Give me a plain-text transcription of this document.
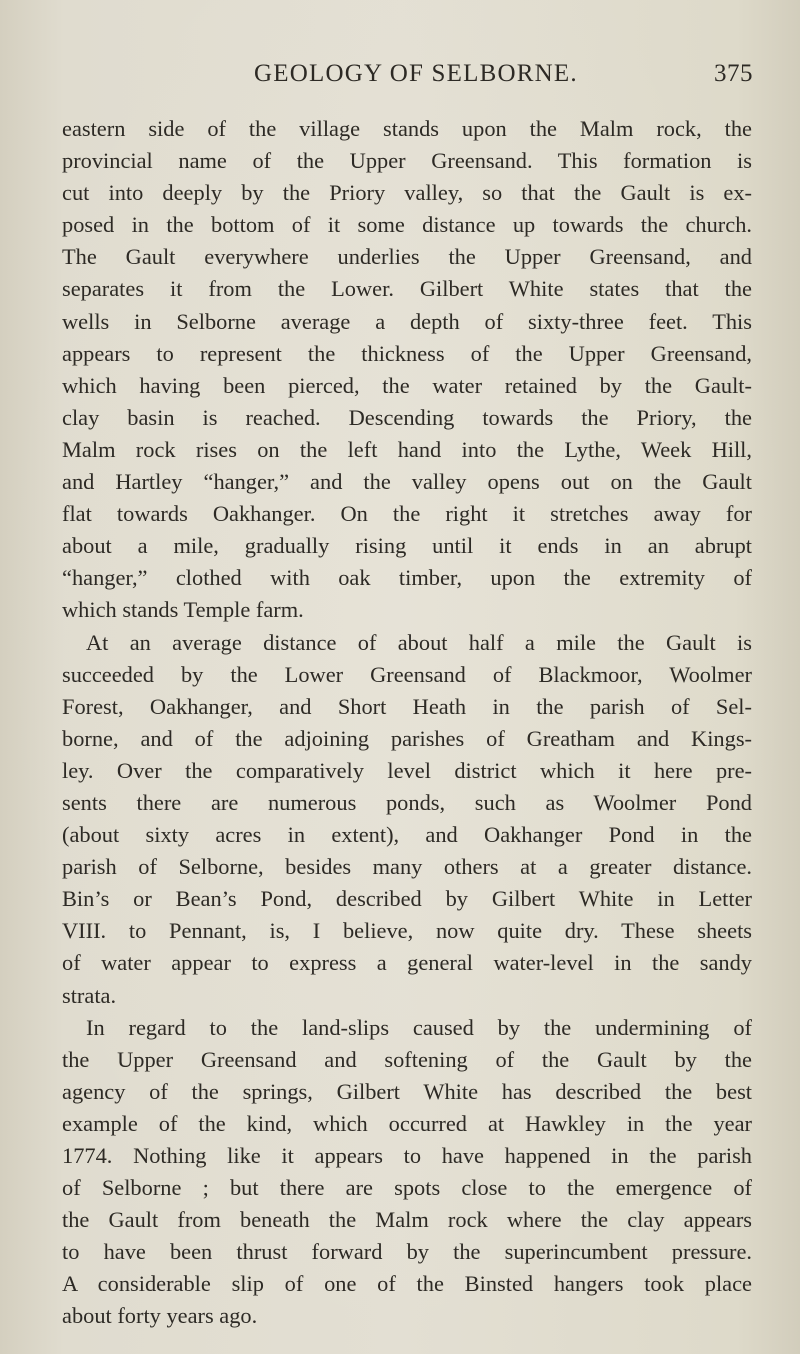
GEOLOGY OF SELBORNE.	375
eastern side of the village stands upon the Malm rock, the
provincial name of the Upper Greensand. This formation is
cut into deeply by the Priory valley, so that the Gault is ex-
posed in the bottom of it some distance up towards the church.
The Gault everywhere underlies the Upper Greensand, and
separates it from the Lower. Gilbert White states that the
wells in Selborne average a depth of sixty-three feet. This
appears to represent the thickness of the Upper Greensand,
which having been pierced, the water retained by the Gault-
clay basin is reached. Descending towards the Priory, the
Malm rock rises on the left hand into the Lythe, Week Hill,
and Hartley “hanger,” and the valley opens out on the Gault
flat towards Oakhanger. On the right it stretches away for
about a mile, gradually rising until it ends in an abrupt
“hanger,” clothed with oak timber, upon the extremity of
which stands Temple farm.
At an average distance of about half a mile the Gault is
succeeded by the Lower Greensand of Blackmoor, Woolmer
Forest, Oakhanger, and Short Heath in the parish of Sel-
borne, and of the adjoining parishes of Greatham and Kings-
ley. Over the comparatively level district which it here pre-
sents there are numerous ponds, such as Woolmer Pond
(about sixty acres in extent), and Oakhanger Pond in the
parish of Selborne, besides many others at a greater distance.
Bin’s or Bean’s Pond, described by Gilbert White in Letter
VIII. to Pennant, is, I believe, now quite dry. These sheets
of water appear to express a general water-level in the sandy
strata.
In regard to the land-slips caused by the undermining of
the Upper Greensand and softening of the Gault by the
agency of the springs, Gilbert White has described the best
example of the kind, which occurred at Hawkley in the year
1774. Nothing like it appears to have happened in the parish
of Selborne ; but there are spots close to the emergence of
the Gault from beneath the Malm rock where the clay appears
to have been thrust forward by the superincumbent pressure.
A considerable slip of one of the Binsted hangers took place
about forty years ago.
